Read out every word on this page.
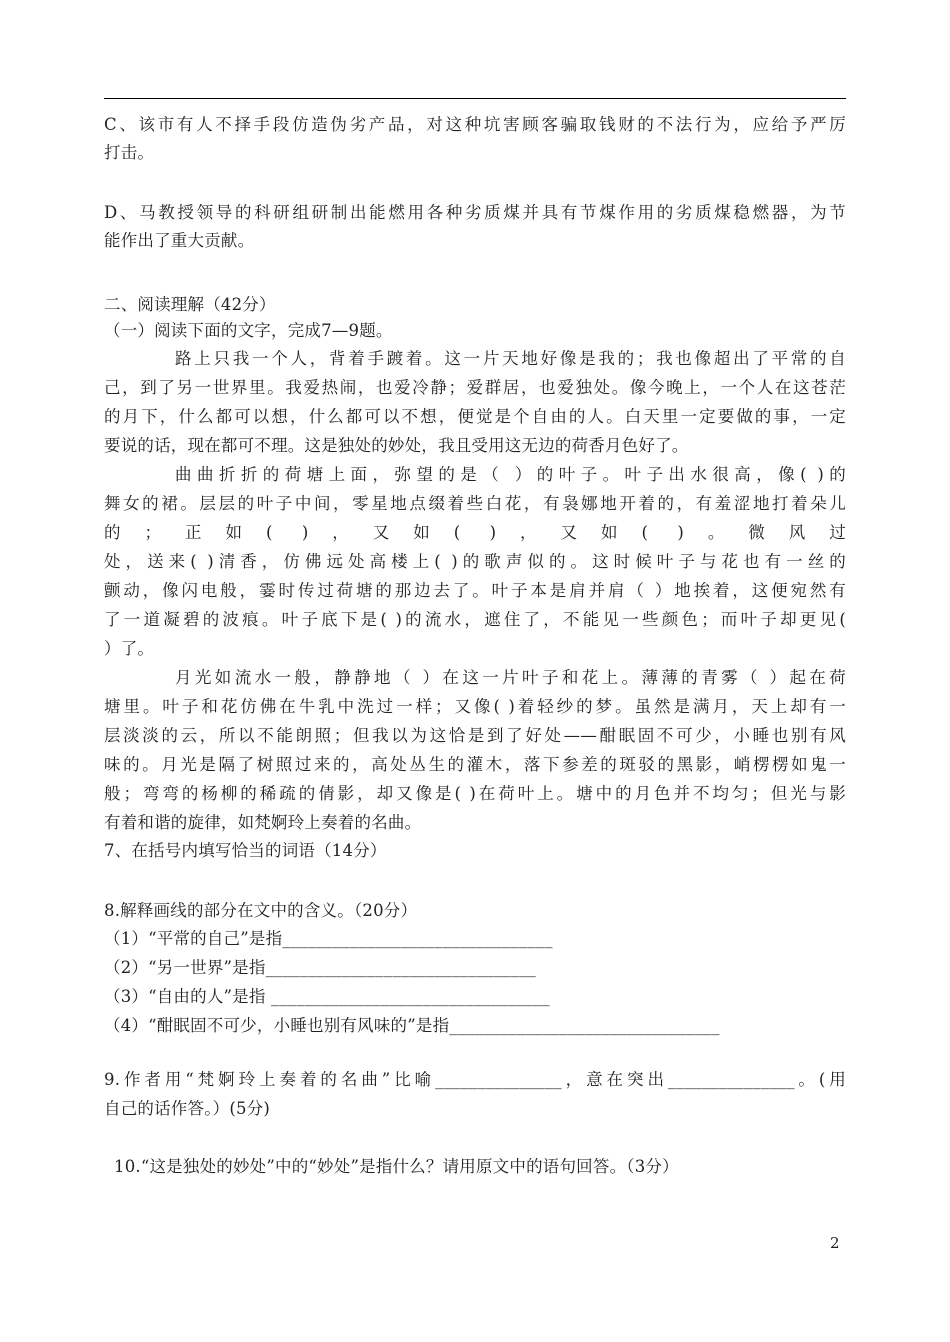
C、该市有人不择手段仿造伪劣产品，对这种坑害顾客骗取钱财的不法行为，应给予严厉
打击。
D、马教授领导的科研组研制出能燃用各种劣质煤并具有节煤作用的劣质煤稳燃器，为节
能作出了重大贡献。
二、阅读理解（42分）
（一）阅读下面的文字，完成7—9题。
路上只我一个人，背着手踱着。这一片天地好像是我的；我也像超出了平常的自
己，到了另一世界里。我爱热闹，也爱冷静；爱群居，也爱独处。像今晚上，一个人在这苍茫
的月下，什么都可以想，什么都可以不想，便觉是个自由的人。白天里一定要做的事，一定
要说的话，现在都可不理。这是独处的妙处，我且受用这无边的荷香月色好了。
曲曲折折的荷塘上面，弥望的是（ ）的叶子。叶子出水很高，像( )的
舞女的裙。层层的叶子中间，零星地点缀着些白花，有袅娜地开着的，有羞涩地打着朵儿
的；正如( )，又如( )，又如( )。微风过
处，送来( )清香，仿佛远处高楼上( )的歌声似的。这时候叶子与花也有一丝的
颤动，像闪电般，霎时传过荷塘的那边去了。叶子本是肩并肩（ ）地挨着，这便宛然有
了一道凝碧的波痕。叶子底下是( )的流水，遮住了，不能见一些颜色；而叶子却更见(
）了。
月光如流水一般，静静地（ ）在这一片叶子和花上。薄薄的青雾（ ）起在荷
塘里。叶子和花仿佛在牛乳中洗过一样；又像( )着轻纱的梦。虽然是满月，天上却有一
层淡淡的云，所以不能朗照；但我以为这恰是到了好处——酣眠固不可少，小睡也别有风
味的。月光是隔了树照过来的，高处丛生的灌木，落下参差的斑驳的黑影，峭楞楞如鬼一
般；弯弯的杨柳的稀疏的倩影，却又像是( )在荷叶上。塘中的月色并不均匀；但光与影
有着和谐的旋律，如梵婀玲上奏着的名曲。
7、在括号内填写恰当的词语（14分）
8.解释画线的部分在文中的含义。（20分）
（1）“平常的自己”是指________________________________
（2）“另一世界”是指________________________________
（3）“自由的人”是指 _________________________________
（4）“酣眠固不可少，小睡也别有风味的”是指________________________________
9.作者用“梵婀玲上奏着的名曲”比喻_______________，意在突出_______________。(用
自己的话作答。）(5分)
10.“这是独处的妙处”中的“妙处”是指什么？请用原文中的语句回答。（3分）
2
